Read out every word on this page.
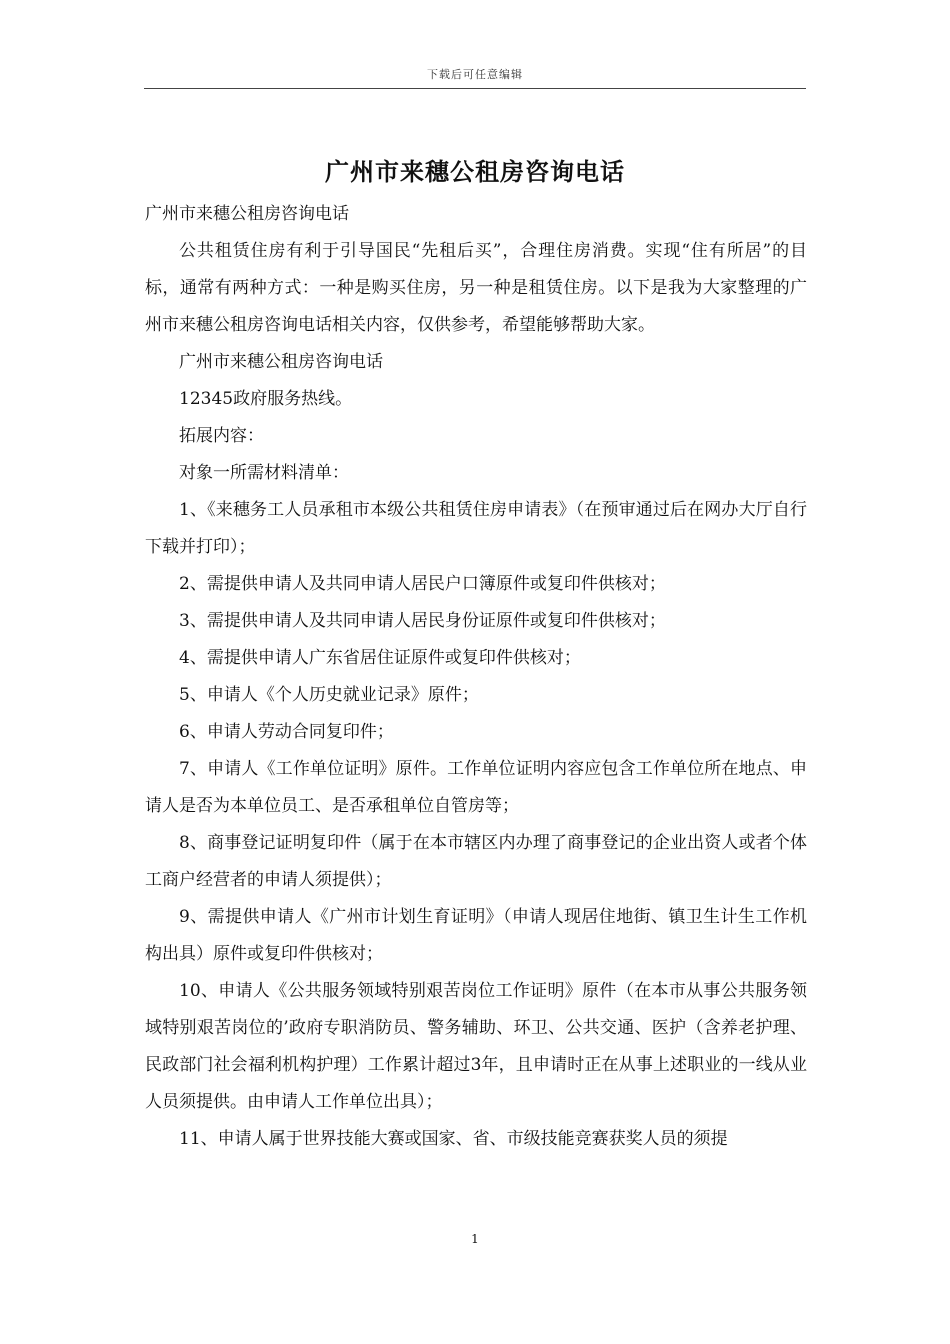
下载后可任意编辑
广州市来穗公租房咨询电话

广州市来穗公租房咨询电话

公共租赁住房有利于引导国民“先租后买”，合理住房消费。实现“住有所居”的目标，通常有两种方式：一种是购买住房，另一种是租赁住房。以下是我为大家整理的广州市来穗公租房咨询电话相关内容，仅供参考，希望能够帮助大家。

广州市来穗公租房咨询电话

12345政府服务热线。

拓展内容：

对象一所需材料清单：

1、《来穗务工人员承租市本级公共租赁住房申请表》（在预审通过后在网办大厅自行下载并打印）；

2、需提供申请人及共同申请人居民户口簿原件或复印件供核对；

3、需提供申请人及共同申请人居民身份证原件或复印件供核对；

4、需提供申请人广东省居住证原件或复印件供核对；

5、申请人《个人历史就业记录》原件；

6、申请人劳动合同复印件；

7、申请人《工作单位证明》原件。工作单位证明内容应包含工作单位所在地点、申请人是否为本单位员工、是否承租单位自管房等；

8、商事登记证明复印件（属于在本市辖区内办理了商事登记的企业出资人或者个体工商户经营者的申请人须提供）；

9、需提供申请人《广州市计划生育证明》（申请人现居住地街、镇卫生计生工作机构出具）原件或复印件供核对；

10、申请人《公共服务领域特别艰苦岗位工作证明》原件（在本市从事公共服务领域特别艰苦岗位的’政府专职消防员、警务辅助、环卫、公共交通、医护（含养老护理、民政部门社会福利机构护理）工作累计超过3年，且申请时正在从事上述职业的一线从业人员须提供。由申请人工作单位出具）；

11、申请人属于世界技能大赛或国家、省、市级技能竞赛获奖人员的须提

1
